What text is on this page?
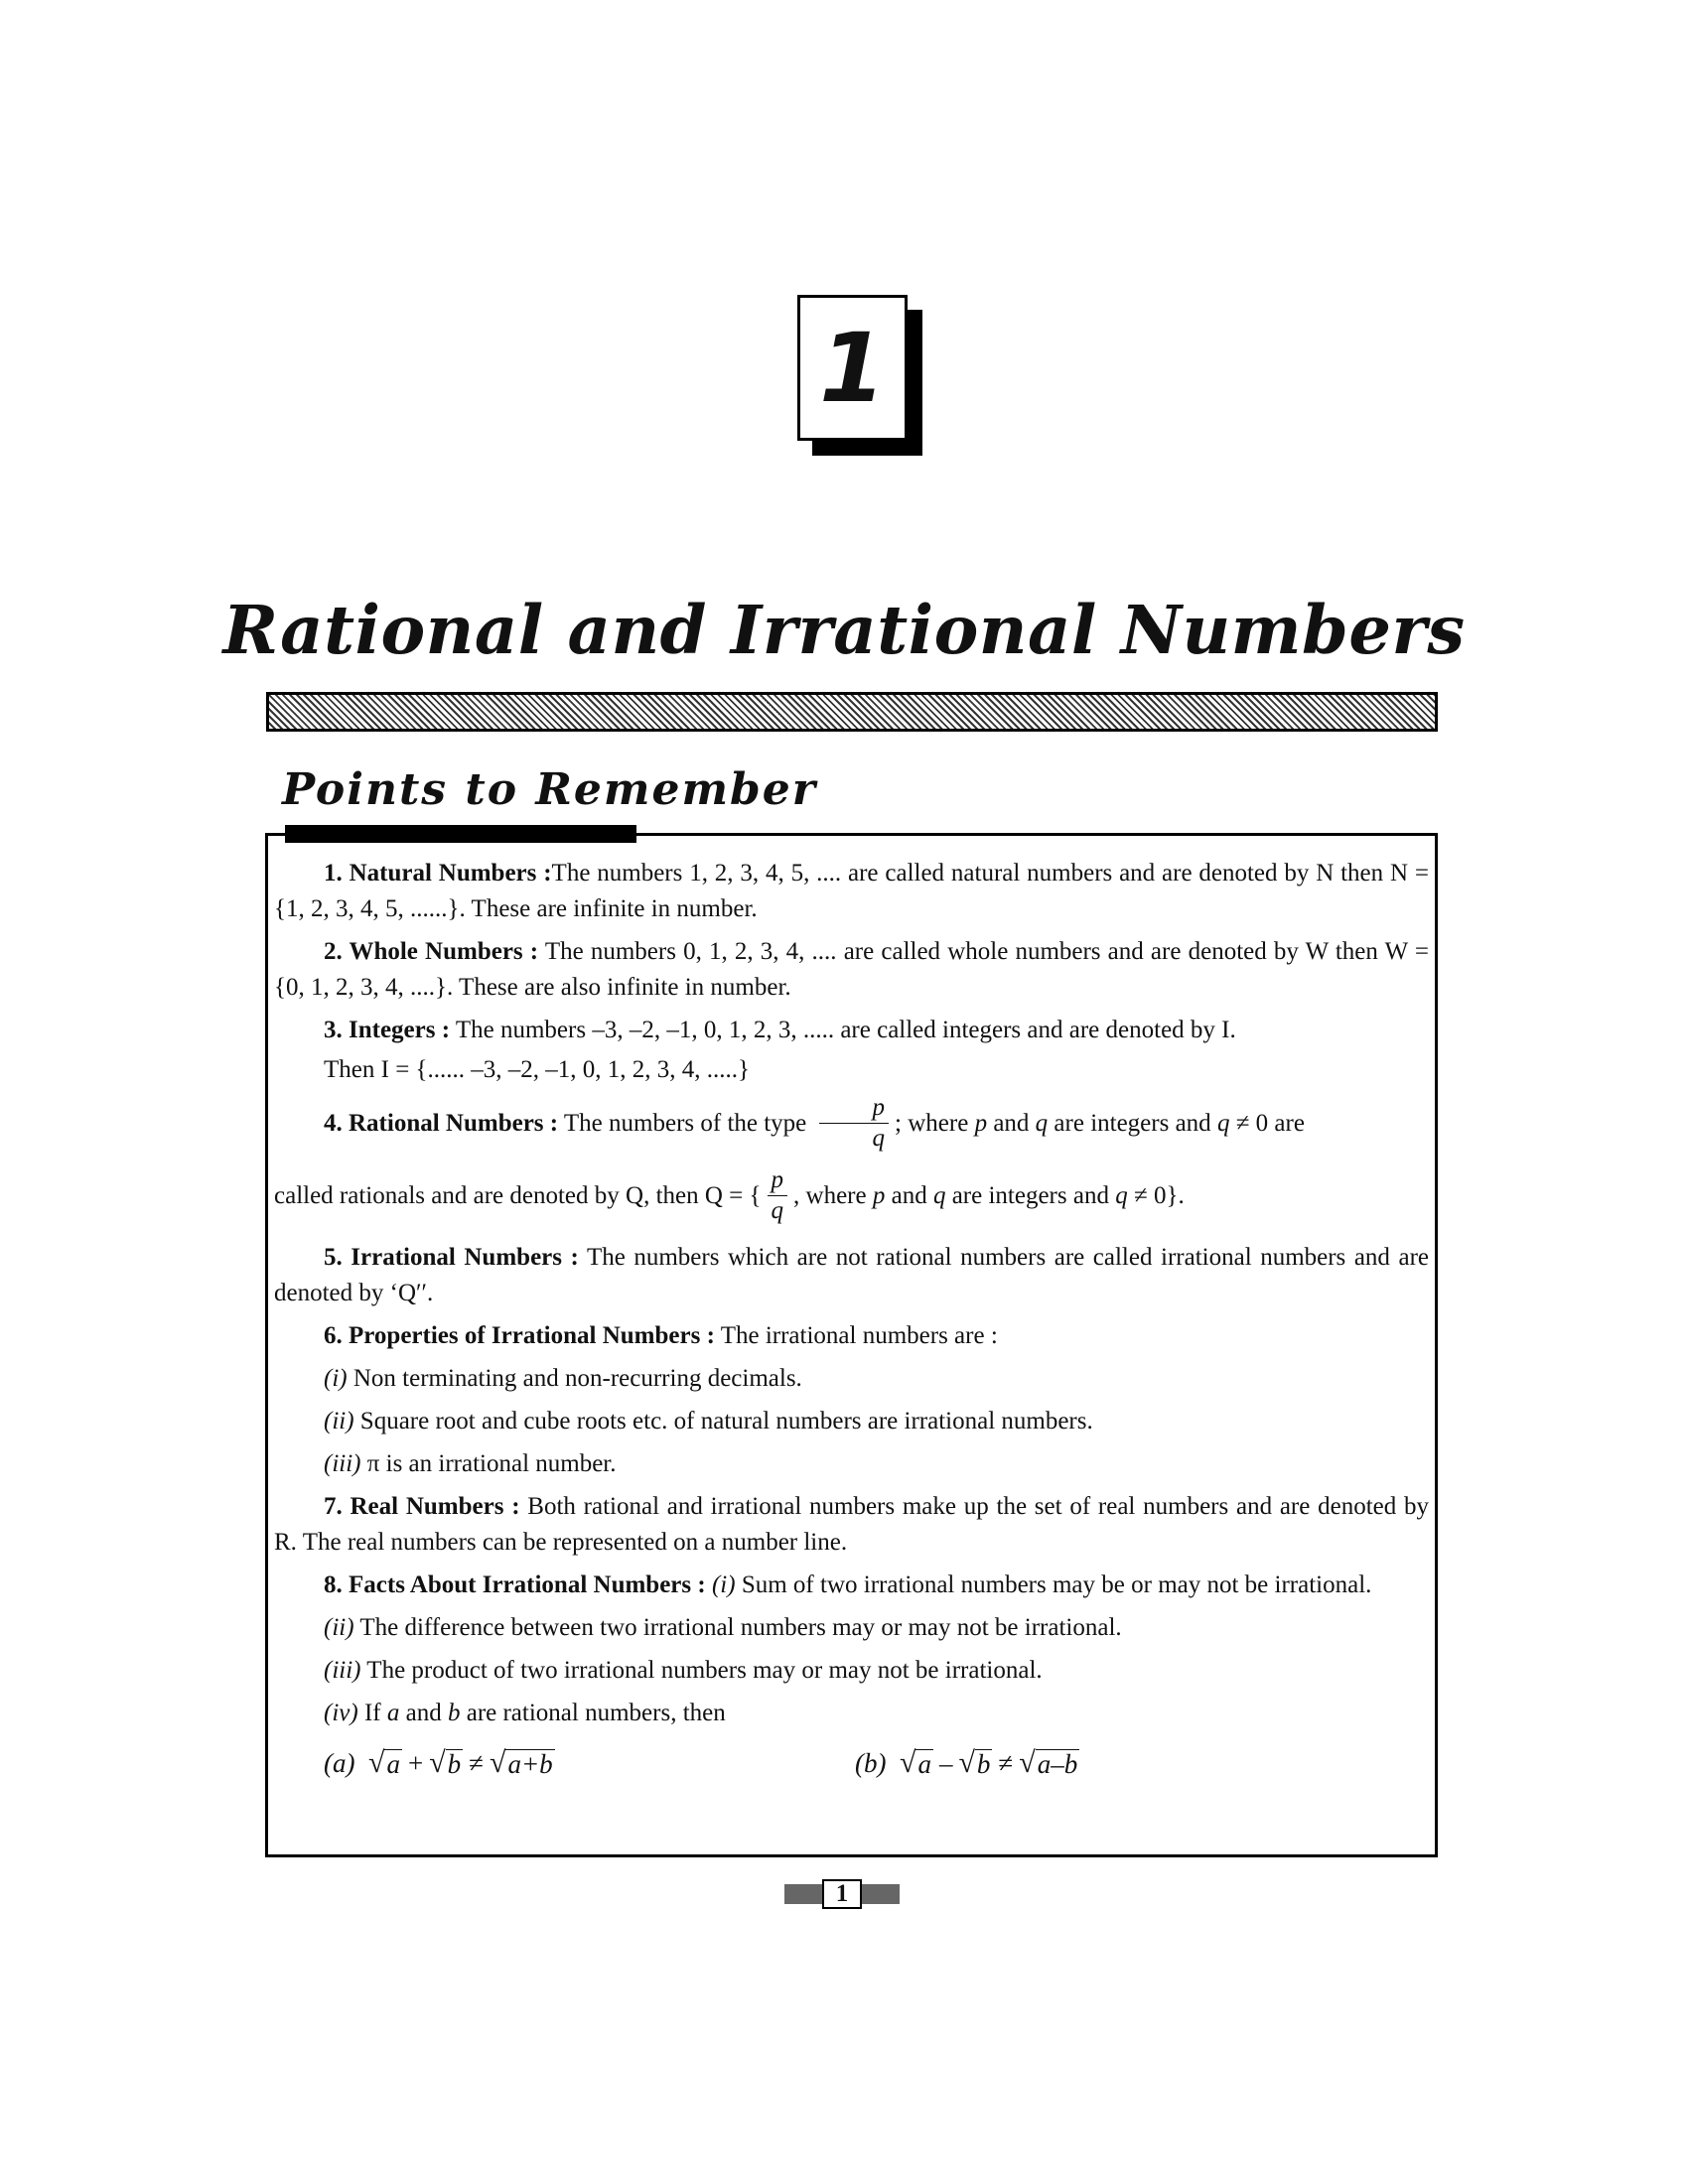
1
Rational and Irrational Numbers
Points to Remember

1. Natural Numbers :The numbers 1, 2, 3, 4, 5, .... are called natural numbers and are denoted by N then N = {1, 2, 3, 4, 5, ......}. These are infinite in number.

2. Whole Numbers : The numbers 0, 1, 2, 3, 4, .... are called whole numbers and are denoted by W then W = {0, 1, 2, 3, 4, ....}. These are also infinite in number.

3. Integers : The numbers –3, –2, –1, 0, 1, 2, 3, ..... are called integers and are denoted by I.

Then I = {...... –3, –2, –1, 0, 1, 2, 3, 4, .....}

4. Rational Numbers : The numbers of the type $\frac{p}{q}$ ; where p and q are integers and q ≠ 0 are

called rationals and are denoted by Q, then Q = { $\frac{p}{q}$ , where p and q are integers and q ≠ 0}.

5. Irrational Numbers : The numbers which are not rational numbers are called irrational numbers and are denoted by ‘Q′′.

6. Properties of Irrational Numbers : The irrational numbers are :

(i) Non terminating and non-recurring decimals.

(ii) Square root and cube roots etc. of natural numbers are irrational numbers.

(iii) π is an irrational number.

7. Real Numbers : Both rational and irrational numbers make up the set of real numbers and are denoted by R. The real numbers can be represented on a number line.

8. Facts About Irrational Numbers : (i) Sum of two irrational numbers may be or may not be irrational.

(ii) The difference between two irrational numbers may or may not be irrational.

(iii) The product of two irrational numbers may or may not be irrational.

(iv) If a and b are rational numbers, then

(a) √ a + √ b ≠ √ a+b	(b) √ a – √ b ≠ √ a–b
1
